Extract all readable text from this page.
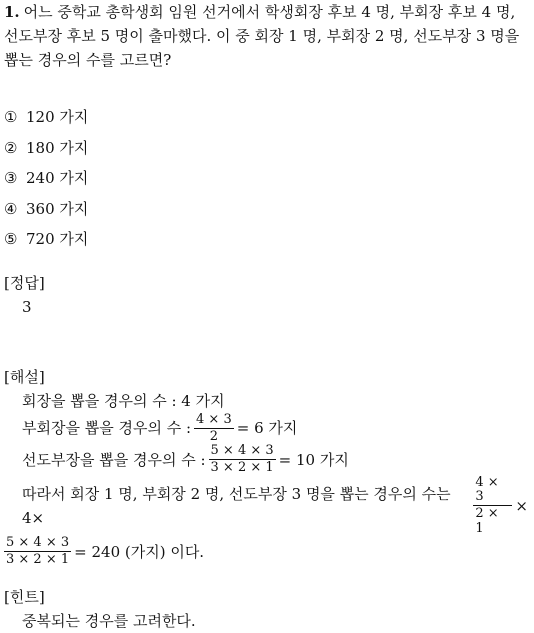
1. 어느 중학교 총학생회 임원 선거에서 학생회장 후보 4 명, 부회장 후보 4 명, 선도부장 후보 5 명이 출마했다. 이 중 회장 1 명, 부회장 2 명, 선도부장 3 명을 뽑는 경우의 수를 고르면?
① 120 가지
② 180 가지
③ 240 가지
④ 360 가지
⑤ 720 가지
[정답]
3
[해설]
회장을 뽑을 경우의 수 : 4 가지
부회장을 뽑을 경우의 수 : $\frac{4 \times 3}{2} = 6$ 가지
선도부장을 뽑을 경우의 수 : $\frac{5 \times 4 \times 3}{3 \times 2 \times 1} = 10$ 가지
따라서 회장 1 명, 부회장 2 명, 선도부장 3 명을 뽑는 경우의 수는 4×	$\frac{4 \times 3}{2 \times 1}$ ×
$\frac{5 \times 4 \times 3}{3 \times 2 \times 1} = 240$ (가지) 이다.
[힌트]
중복되는 경우를 고려한다.
